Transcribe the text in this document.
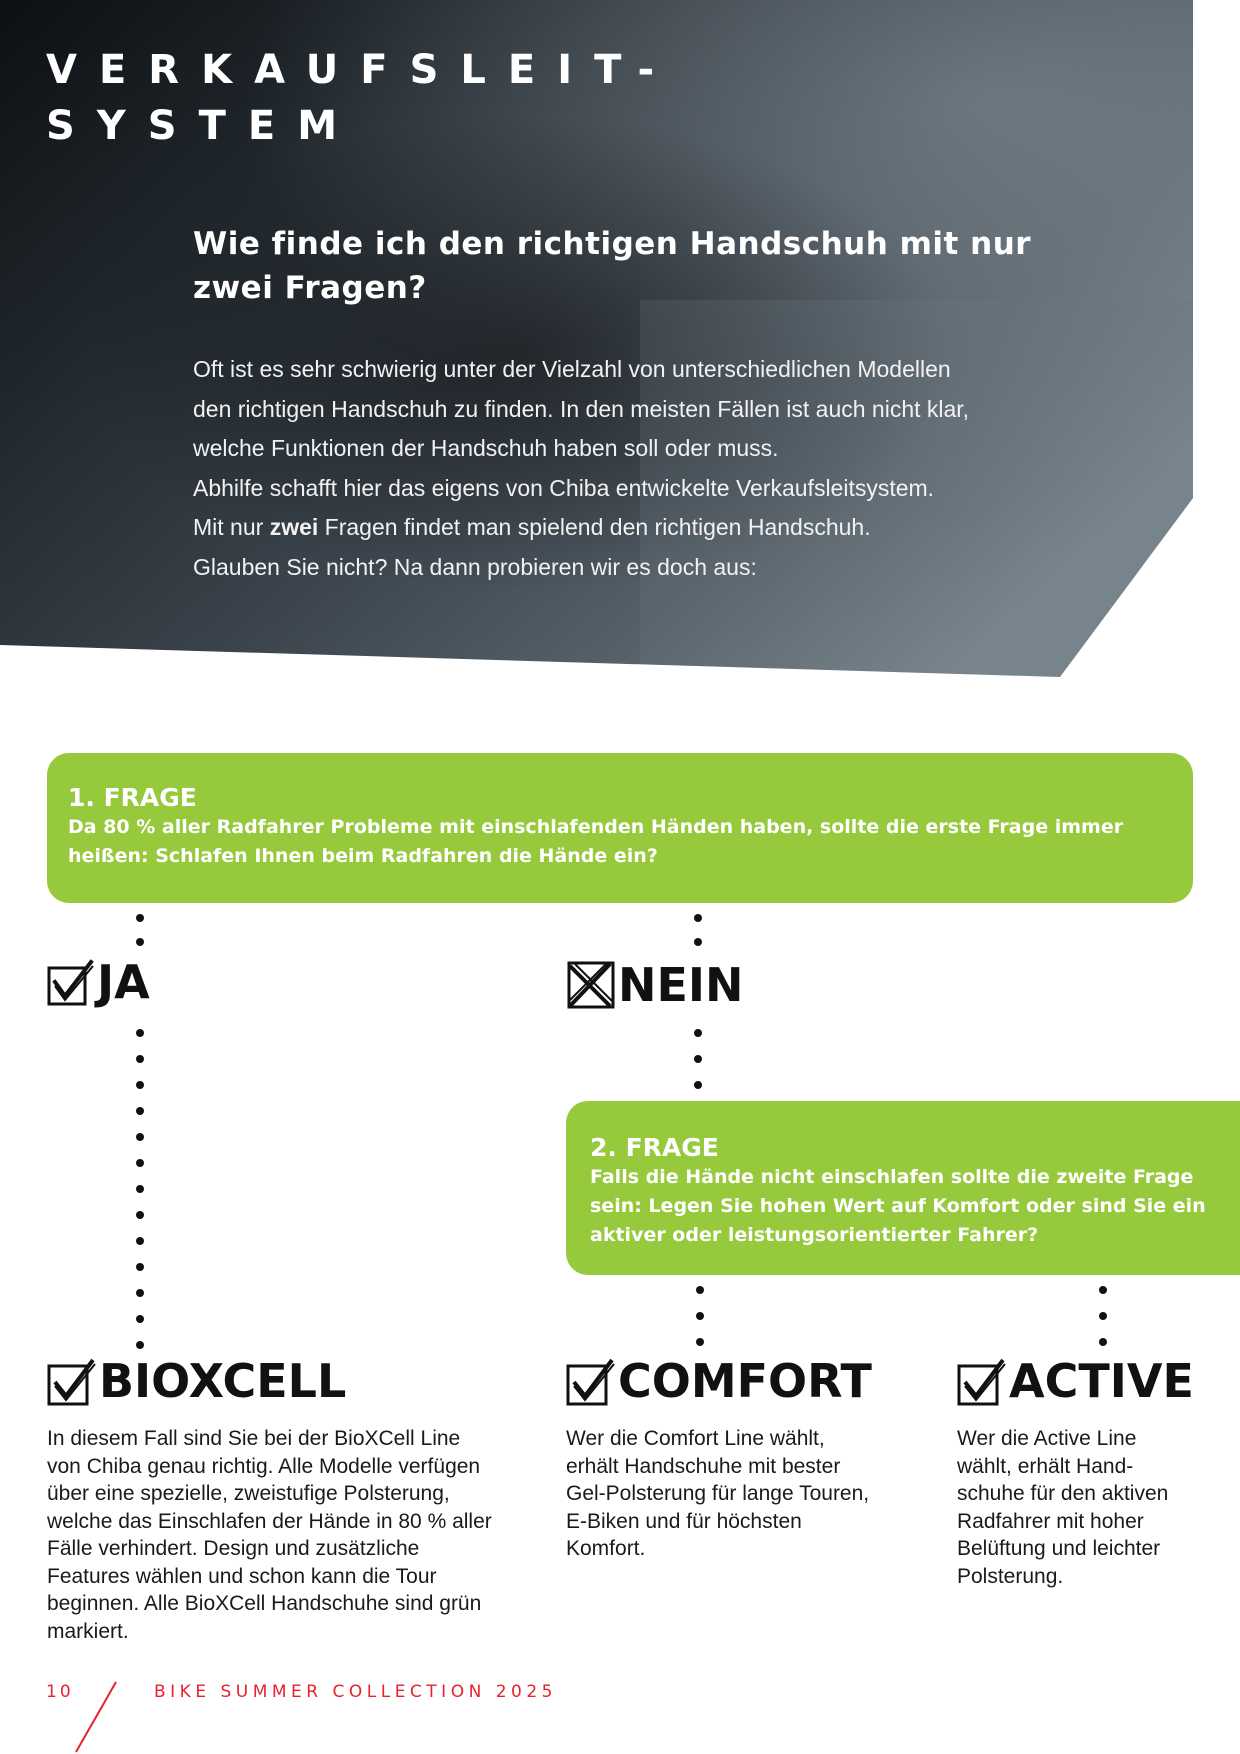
VERKAUFSLEIT-
SYSTEM
Wie finde ich den richtigen Handschuh mit nur zwei Fragen?

Oft ist es sehr schwierig unter der Vielzahl von unterschiedlichen Modellen

den richtigen Handschuh zu finden. In den meisten Fällen ist auch nicht klar,

welche Funktionen der Handschuh haben soll oder muss.

Abhilfe schafft hier das eigens von Chiba entwickelte Verkaufsleitsystem.

Mit nur zwei Fragen findet man spielend den richtigen Handschuh.

Glauben Sie nicht? Na dann probieren wir es doch aus:

1. FRAGE

Da 80 % aller Radfahrer Probleme mit einschlafenden Händen haben, sollte die erste Frage immer heißen: Schlafen Ihnen beim Radfahren die Hände ein?

JA	NEIN
2. FRAGE

Falls die Hände nicht einschlafen sollte die zweite Frage sein: Legen Sie hohen Wert auf Komfort oder sind Sie ein aktiver oder leistungsorientierter Fahrer?

BIOXCELL

In diesem Fall sind Sie bei der BioXCell Line von Chiba genau richtig. Alle Modelle verfügen über eine spezielle, zweistufige Polsterung, welche das Einschlafen der Hände in 80 % aller Fälle verhindert. Design und zusätzliche Features wählen und schon kann die Tour beginnen. Alle BioXCell Handschuhe sind grün markiert.

COMFORT

Wer die Comfort Line wählt, erhält Handschuhe mit bester Gel-Polsterung für lange Touren, E-Biken und für höchsten Komfort.

ACTIVE

Wer die Active Line wählt, erhält Hand-schuhe für den aktiven Radfahrer mit hoher Belüftung und leichter Polsterung.

10	BIKE SUMMER COLLECTION 2025
